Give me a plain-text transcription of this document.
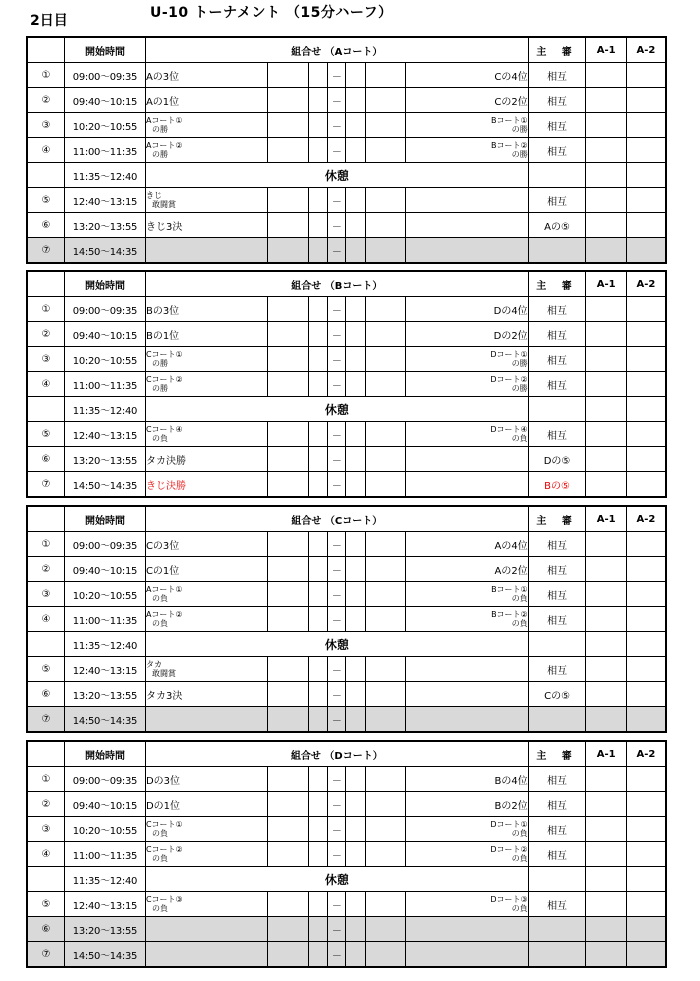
2日目	U-10 トーナメント （15分ハーフ）
	開始時間	組合せ （Aコート）							主 審	A-1	A-2
①	09:00～09:35	Aの3位			－			Cの4位	相互		
②	09:40～10:15	Aの1位			－			Cの2位	相互		
③	10:20～10:55	Aコート①
の勝			－			Bコート①
の勝	相互		
④	11:00～11:35	Aコート②
の勝			－			Bコート②
の勝	相互		
	11:35～12:40	休憩									
⑤	12:40～13:15	きじ
敢闘賞			－				相互		
⑥	13:20～13:55	きじ3決			－				Aの⑤		
⑦	14:50～14:35				－						
	開始時間	組合せ （Bコート）							主 審	A-1	A-2
①	09:00～09:35	Bの3位			－			Dの4位	相互		
②	09:40～10:15	Bの1位			－			Dの2位	相互		
③	10:20～10:55	Cコート①
の勝			－			Dコート①
の勝	相互		
④	11:00～11:35	Cコート②
の勝			－			Dコート②
の勝	相互		
	11:35～12:40	休憩									
⑤	12:40～13:15	Cコート④
の負			－			Dコート④
の負	相互		
⑥	13:20～13:55	タカ決勝			－				Dの⑤		
⑦	14:50～14:35	きじ決勝			－				Bの⑤		
	開始時間	組合せ （Cコート）							主 審	A-1	A-2
①	09:00～09:35	Cの3位			－			Aの4位	相互		
②	09:40～10:15	Cの1位			－			Aの2位	相互		
③	10:20～10:55	Aコート①
の負			－			Bコート①
の負	相互		
④	11:00～11:35	Aコート②
の負			－			Bコート②
の負	相互		
	11:35～12:40	休憩									
⑤	12:40～13:15	タカ
敢闘賞			－				相互		
⑥	13:20～13:55	タカ3決			－				Cの⑤		
⑦	14:50～14:35				－						
	開始時間	組合せ （Dコート）							主 審	A-1	A-2
①	09:00～09:35	Dの3位			－			Bの4位	相互		
②	09:40～10:15	Dの1位			－			Bの2位	相互		
③	10:20～10:55	Cコート①
の負			－			Dコート①
の負	相互		
④	11:00～11:35	Cコート②
の負			－			Dコート②
の負	相互		
	11:35～12:40	休憩									
⑤	12:40～13:15	Cコート③
の負			－			Dコート③
の負	相互		
⑥	13:20～13:55				－						
⑦	14:50～14:35				－						
